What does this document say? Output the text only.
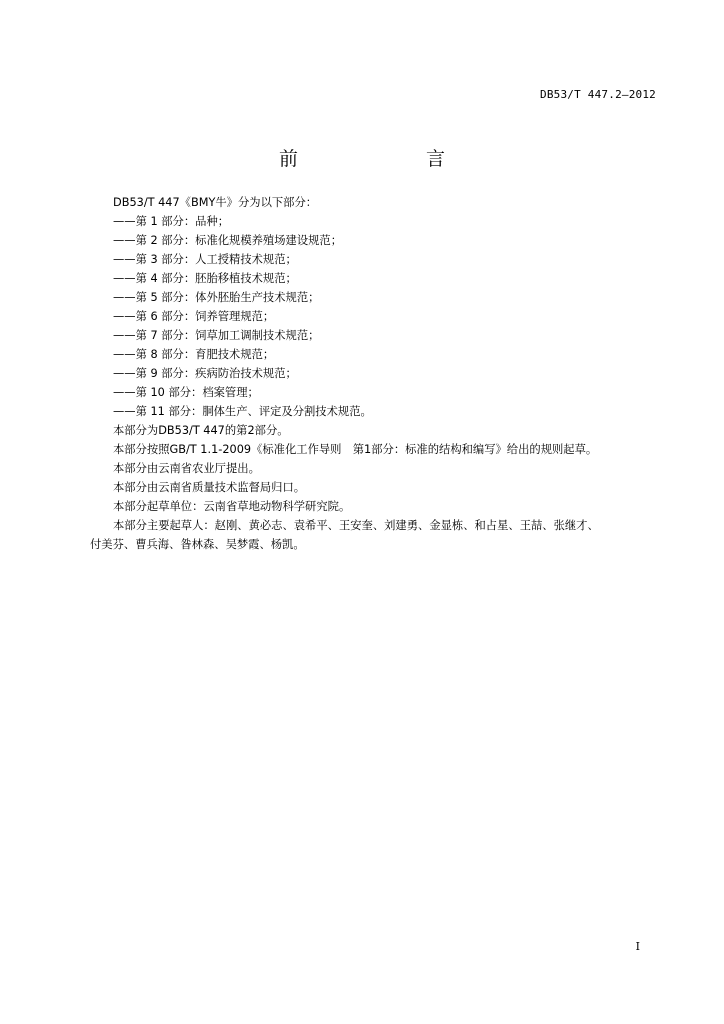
DB53/T 447.2—2012
前　　言
DB53/T 447《BMY牛》分为以下部分：
——第 1 部分：品种；
——第 2 部分：标准化规模养殖场建设规范；
——第 3 部分：人工授精技术规范；
——第 4 部分：胚胎移植技术规范；
——第 5 部分：体外胚胎生产技术规范；
——第 6 部分：饲养管理规范；
——第 7 部分：饲草加工调制技术规范；
——第 8 部分：育肥技术规范；
——第 9 部分：疾病防治技术规范；
——第 10 部分：档案管理；
——第 11 部分：胴体生产、评定及分割技术规范。
本部分为DB53/T 447的第2部分。
本部分按照GB/T 1.1-2009《标准化工作导则　第1部分：标准的结构和编写》给出的规则起草。
本部分由云南省农业厅提出。
本部分由云南省质量技术监督局归口。
本部分起草单位：云南省草地动物科学研究院。
本部分主要起草人：赵刚、黄必志、袁希平、王安奎、刘建勇、金显栋、和占星、王喆、张继才、
付美芬、曹兵海、昝林森、吴梦霞、杨凯。
I
